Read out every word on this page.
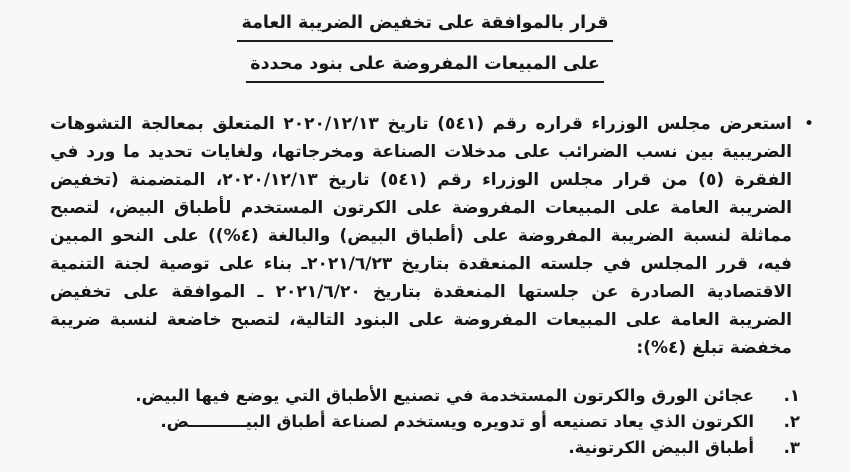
قرار بالموافقة على تخفيض الضريبة العامة
على المبيعات المفروضة على بنود محددة
•

استعرض مجلس الوزراء قراره رقم (٥٤١) تاريخ ٢٠٢٠/١٢/١٣ المتعلق بمعالجة التشوهات الضريبية بين نسب الضرائب على مدخلات الصناعة ومخرجاتها، ولغايات تحديد ما ورد في الفقرة (٥) من قرار مجلس الوزراء رقم (٥٤١) تاريخ ٢٠٢٠/١٢/١٣، المتضمنة (تخفيض الضريبة العامة على المبيعات المفروضة على الكرتون المستخدم لأطباق البيض، لتصبح مماثلة لنسبة الضريبة المفروضة على (أطباق البيض) والبالغة (٤%)) على النحو المبين فيه، قرر المجلس في جلسته المنعقدة بتاريخ ٢٠٢١/٦/٢٣ـ بناء على توصية لجنة التنمية الاقتصادية الصادرة عن جلستها المنعقدة بتاريخ ٢٠٢١/٦/٢٠ ـ الموافقة على تخفيض الضريبة العامة على المبيعات المفروضة على البنود التالية، لتصبح خاضعة لنسبة ضريبة مخفضة تبلغ (٤%):

١.
عجائن الورق والكرتون المستخدمة في تصنيع الأطباق التي يوضع فيها البيض.
٢.
الكرتون الذي يعاد تصنيعه أو تدويره ويستخدم لصناعة أطباق البيــــــــــض.
٣.
أطباق البيض الكرتونية.
